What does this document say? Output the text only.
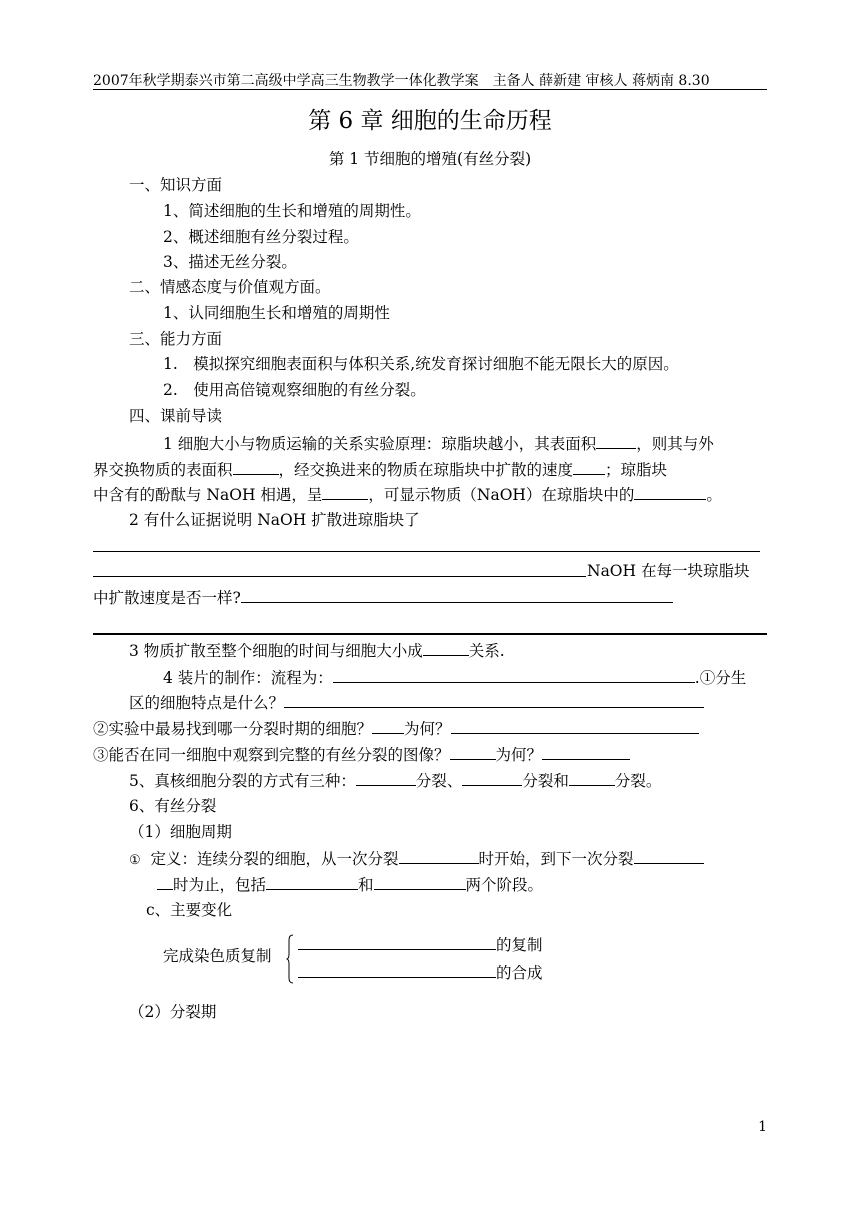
2007年秋学期泰兴市第二高级中学高三生物教学一体化教学案　主备人 薛新建 审核人 蒋炳南 8.30
第 6 章 细胞的生命历程
第 1 节细胞的增殖(有丝分裂)
一、知识方面
1、简述细胞的生长和增殖的周期性。
2、概述细胞有丝分裂过程。
3、描述无丝分裂。
二、情感态度与价值观方面。
1、认同细胞生长和增殖的周期性
三、能力方面
1.　模拟探究细胞表面积与体积关系,统发育探讨细胞不能无限长大的原因。
2.　使用高倍镜观察细胞的有丝分裂。
四、课前导读
1 细胞大小与物质运输的关系实验原理：琼脂块越小，其表面积	，则其与外
界交换物质的表面积	，经交换进来的物质在琼脂块中扩散的速度 ；琼脂块
中含有的酚酞与 NaOH 相遇，呈	，可显示物质（NaOH）在琼脂块中的	。
2 有什么证据说明 NaOH 扩散进琼脂块了
NaOH 在每一块琼脂块
中扩散速度是否一样?
3 物质扩散至整个细胞的时间与细胞大小成	关系.
4 装片的制作：流程为：	.①分生
区的细胞特点是什么？
②实验中最易找到哪一分裂时期的细胞？ 为何？
③能否在同一细胞中观察到完整的有丝分裂的图像？	为何？
5、真核细胞分裂的方式有三种：	分裂、	分裂和	分裂。
6、有丝分裂
（1）细胞周期
① 定义：连续分裂的细胞，从一次分裂	时开始，到下一次分裂
时为止，包括	和	两个阶段。
c、主要变化
完成染色质复制
的复制
的合成
（2）分裂期
1
